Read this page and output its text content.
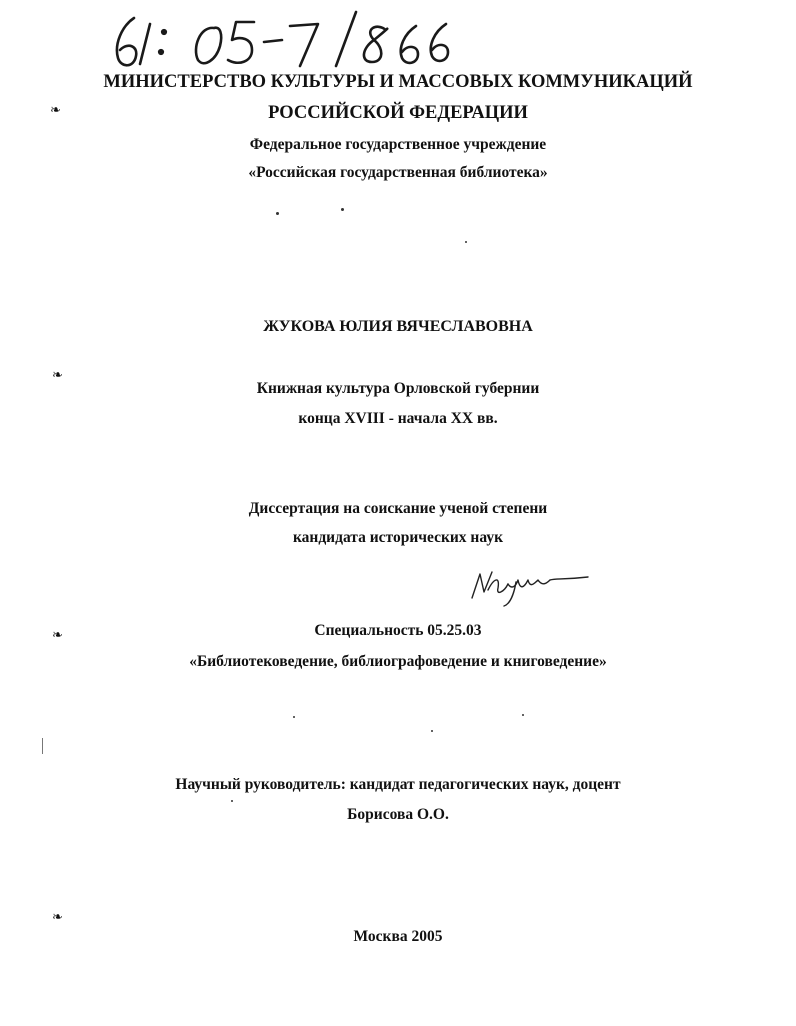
МИНИСТЕРСТВО КУЛЬТУРЫ И МАССОВЫХ КОММУНИКАЦИЙ
РОССИЙСКОЙ ФЕДЕРАЦИИ
Федеральное государственное учреждение
«Российская государственная библиотека»
ЖУКОВА ЮЛИЯ ВЯЧЕСЛАВОВНА
Книжная культура Орловской губернии
конца XVIII - начала XX вв.
Диссертация на соискание ученой степени
кандидата исторических наук
Специальность 05.25.03
«Библиотековедение, библиографоведение и книговедение»
Научный руководитель: кандидат педагогических наук, доцент
Борисова О.О.
Москва 2005
❧
❧
❧
❧
